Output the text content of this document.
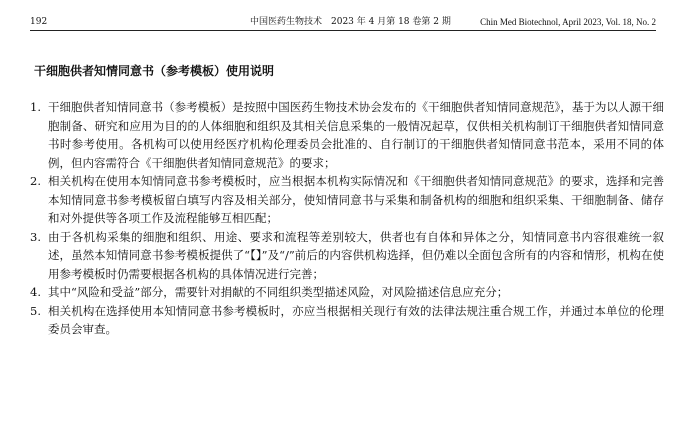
192	中国医药生物技术　2023 年 4 月第 18 卷第 2 期	Chin Med Biotechnol, April 2023, Vol. 18, No. 2
干细胞供者知情同意书（参考模板）使用说明
1. 干细胞供者知情同意书（参考模板）是按照中国医药生物技术协会发布的《干细胞供者知情同意规范》，基于为以人源干细胞制备、研究和应用为目的的人体细胞和组织及其相关信息采集的一般情况起草，仅供相关机构制订干细胞供者知情同意书时参考使用。各机构可以使用经医疗机构伦理委员会批准的、自行制订的干细胞供者知情同意书范本，采用不同的体例，但内容需符合《干细胞供者知情同意规范》的要求；
2. 相关机构在使用本知情同意书参考模板时，应当根据本机构实际情况和《干细胞供者知情同意规范》的要求，选择和完善本知情同意书参考模板留白填写内容及相关部分，使知情同意书与采集和制备机构的细胞和组织采集、干细胞制备、储存和对外提供等各项工作及流程能够互相匹配；
3. 由于各机构采集的细胞和组织、用途、要求和流程等差别较大，供者也有自体和异体之分，知情同意书内容很难统一叙述，虽然本知情同意书参考模板提供了“【】”及“/”前后的内容供机构选择，但仍难以全面包含所有的内容和情形，机构在使用参考模板时仍需要根据各机构的具体情况进行完善；
4. 其中“风险和受益”部分，需要针对捐献的不同组织类型描述风险，对风险描述信息应充分；
5. 相关机构在选择使用本知情同意书参考模板时，亦应当根据相关现行有效的法律法规注重合规工作，并通过本单位的伦理委员会审查。
